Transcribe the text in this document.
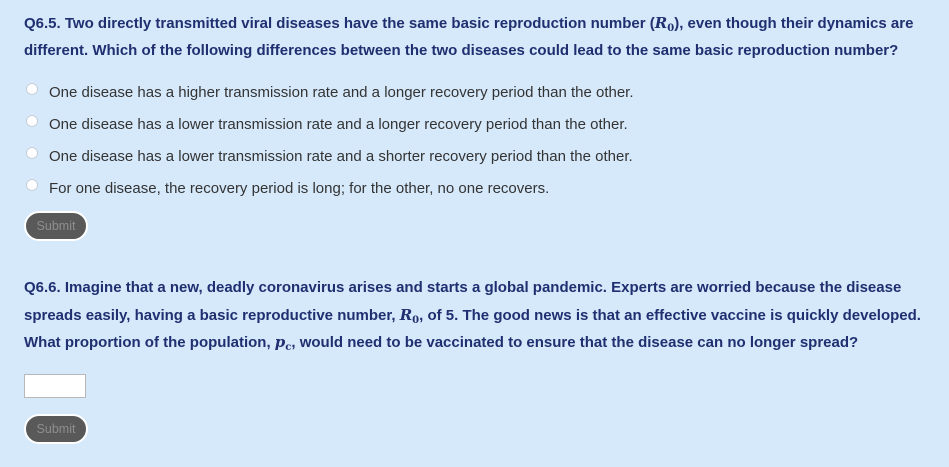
Q6.5. Two directly transmitted viral diseases have the same basic reproduction number $(R_0)$, even though their dynamics are different. Which of the following differences between the two diseases could lead to the same basic reproduction number?
One disease has a higher transmission rate and a longer recovery period than the other.
One disease has a lower transmission rate and a longer recovery period than the other.
One disease has a lower transmission rate and a shorter recovery period than the other.
For one disease, the recovery period is long; for the other, no one recovers.
Submit
Q6.6. Imagine that a new, deadly coronavirus arises and starts a global pandemic. Experts are worried because the disease spreads easily, having a basic reproductive number, $R_0$, of 5. The good news is that an effective vaccine is quickly developed. What proportion of the population, $p_c$, would need to be vaccinated to ensure that the disease can no longer spread?
Submit
